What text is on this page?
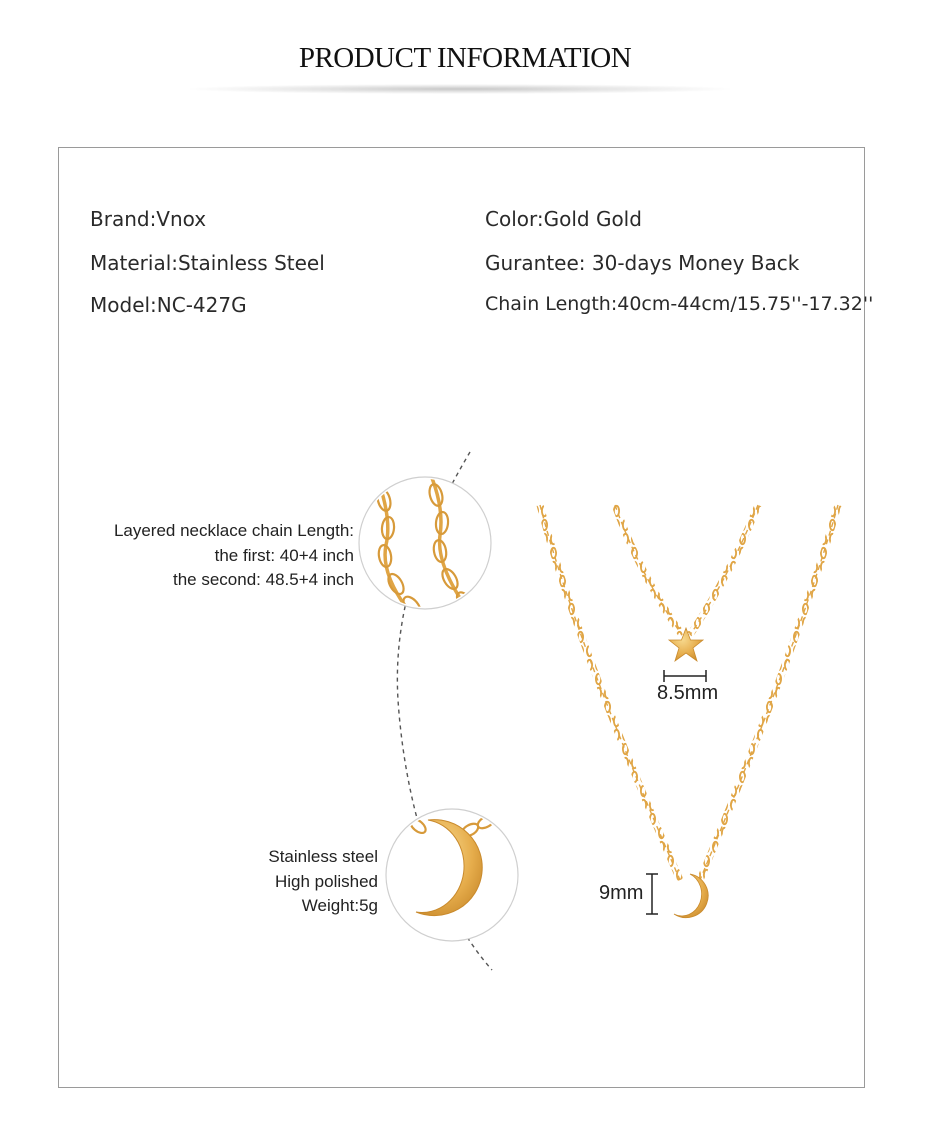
PRODUCT INFORMATION
Brand:Vnox
Material:Stainless Steel
Model:NC-427G
Color:Gold Gold
Gurantee: 30-days Money Back
Chain Length:40cm-44cm/15.75''-17.32''
Layered necklace chain Length:
the first: 40+4 inch
the second: 48.5+4 inch
Stainless steel
High polished
Weight:5g
8.5mm
9mm
